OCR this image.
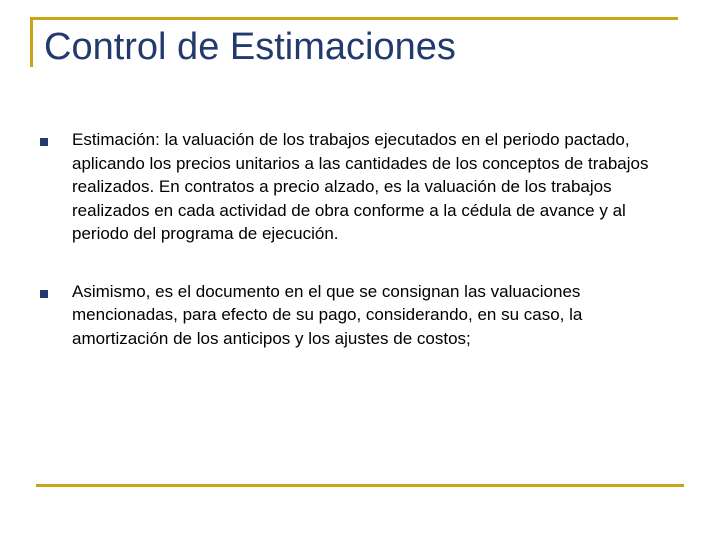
Control de Estimaciones
Estimación: la valuación de los trabajos ejecutados en el periodo pactado, aplicando los precios unitarios a las cantidades de los conceptos de trabajos realizados. En contratos a precio alzado, es la valuación de los trabajos realizados en cada actividad de obra conforme a la cédula de avance y al periodo del programa de ejecución.
Asimismo, es el documento en el que se consignan las valuaciones mencionadas, para efecto de su pago, considerando, en su caso, la amortización de los anticipos y los ajustes de costos;
